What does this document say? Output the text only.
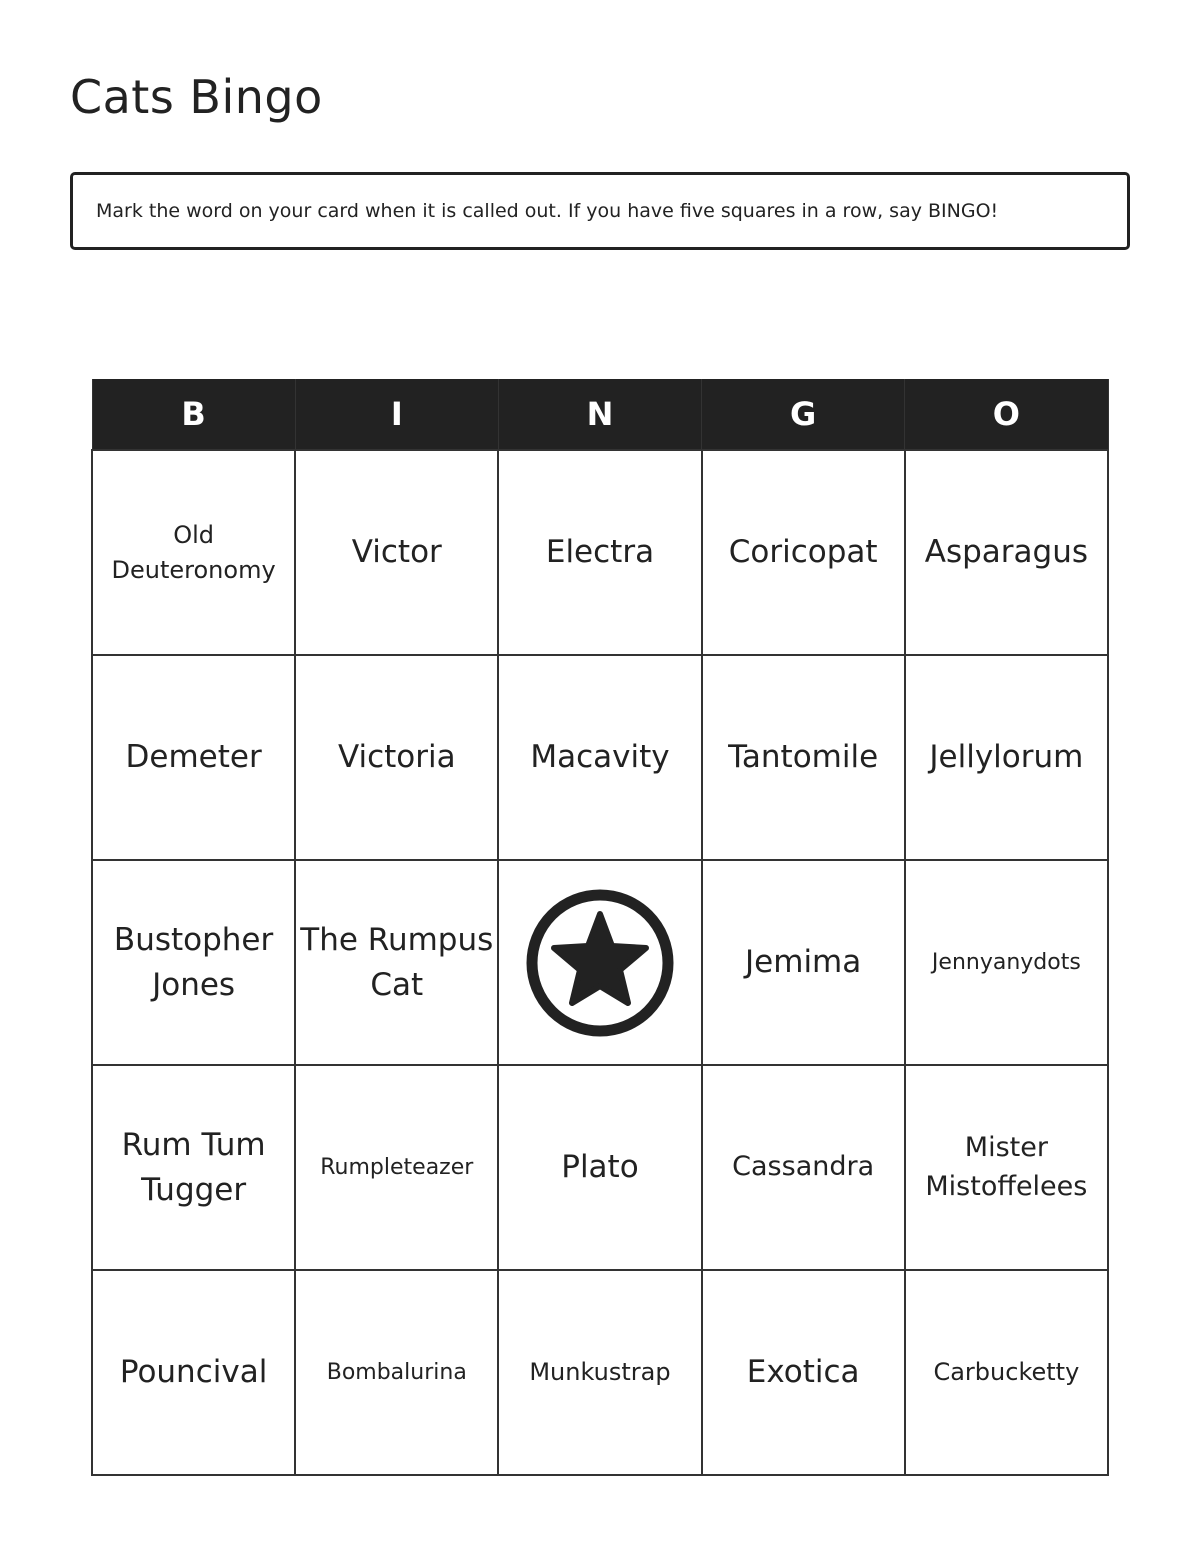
Cats Bingo
Mark the word on your card when it is called out. If you have five squares in a row, say BINGO!
B	I	N	G	O
Old Deuteronomy	Victor	Electra	Coricopat	Asparagus
Demeter	Victoria	Macavity	Tantomile	Jellylorum
Bustopher Jones	The Rumpus Cat		Jemima	Jennyanydots
Rum Tum Tugger	Rumpleteazer	Plato	Cassandra	Mister Mistoffelees
Pouncival	Bombalurina	Munkustrap	Exotica	Carbucketty
